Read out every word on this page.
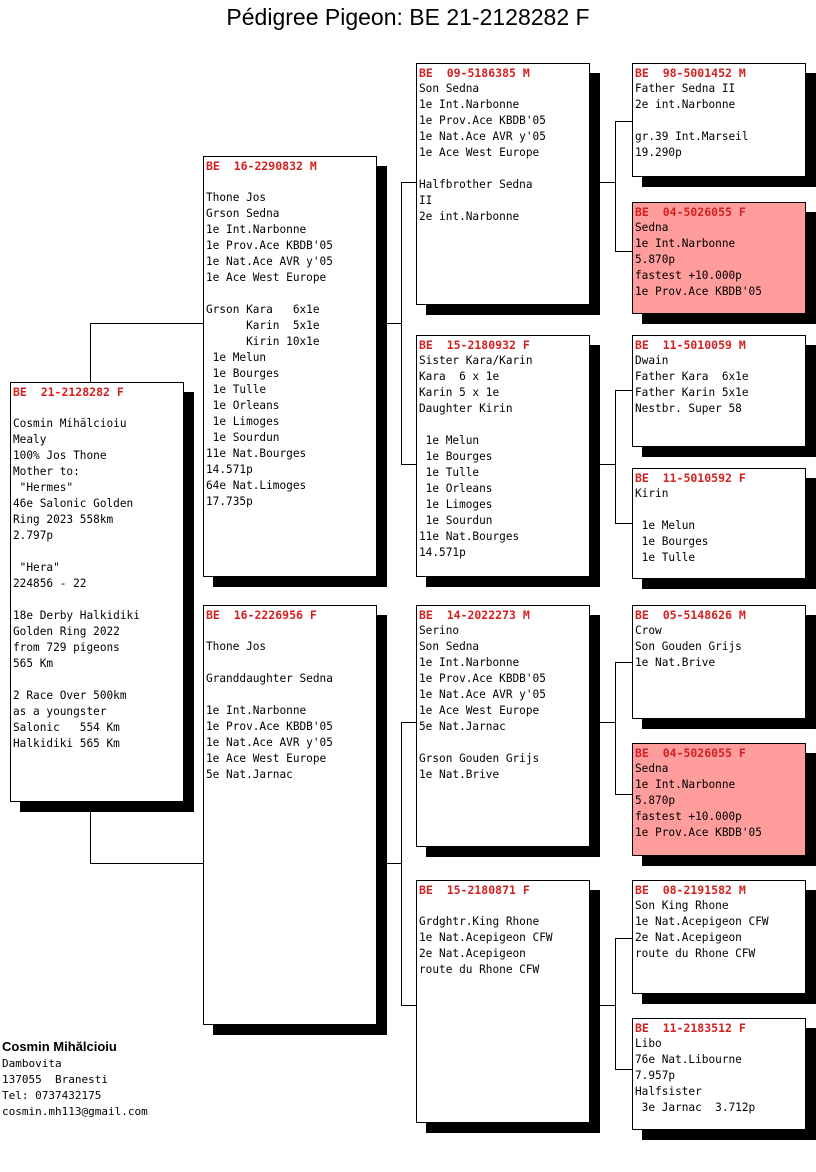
Pédigree Pigeon: BE 21-2128282 F
BE  21-2128282 F

Cosmin Mihălcioiu
Mealy
100% Jos Thone
Mother to:
"Hermes"
46e Salonic Golden
Ring 2023 558km
2.797p

"Hera"
224856 - 22

18e Derby Halkidiki
Golden Ring 2022
from 729 pigeons
565 Km

2 Race Over 500km
as a youngster
Salonic   554 Km
Halkidiki 565 Km
BE  16-2290832 M

Thone Jos
Grson Sedna
1e Int.Narbonne
1e Prov.Ace KBDB'05
1e Nat.Ace AVR y'05
1e Ace West Europe

Grson Kara   6x1e
Karin  5x1e
Kirin 10x1e
1e Melun
1e Bourges
1e Tulle
1e Orleans
1e Limoges
1e Sourdun
11e Nat.Bourges
14.571p
64e Nat.Limoges
17.735p
BE  16-2226956 F

Thone Jos

Granddaughter Sedna

1e Int.Narbonne
1e Prov.Ace KBDB'05
1e Nat.Ace AVR y'05
1e Ace West Europe
5e Nat.Jarnac
BE  09-5186385 M
Son Sedna
1e Int.Narbonne
1e Prov.Ace KBDB'05
1e Nat.Ace AVR y'05
1e Ace West Europe

Halfbrother Sedna
II
2e int.Narbonne
BE  15-2180932 F
Sister Kara/Karin
Kara  6 x 1e
Karin 5 x 1e
Daughter Kirin

1e Melun
1e Bourges
1e Tulle
1e Orleans
1e Limoges
1e Sourdun
11e Nat.Bourges
14.571p
BE  14-2022273 M
Serino
Son Sedna
1e Int.Narbonne
1e Prov.Ace KBDB'05
1e Nat.Ace AVR y'05
1e Ace West Europe
5e Nat.Jarnac

Grson Gouden Grijs
1e Nat.Brive
BE  15-2180871 F

Grdghtr.King Rhone
1e Nat.Acepigeon CFW
2e Nat.Acepigeon
route du Rhone CFW
BE  98-5001452 M
Father Sedna II
2e int.Narbonne

gr.39 Int.Marseil
19.290p
BE  04-5026055 F
Sedna
1e Int.Narbonne
5.870p
fastest +10.000p
1e Prov.Ace KBDB'05
BE  11-5010059 M
Dwain
Father Kara  6x1e
Father Karin 5x1e
Nestbr. Super 58
BE  11-5010592 F
Kirin

1e Melun
1e Bourges
1e Tulle
BE  05-5148626 M
Crow
Son Gouden Grijs
1e Nat.Brive
BE  04-5026055 F
Sedna
1e Int.Narbonne
5.870p
fastest +10.000p
1e Prov.Ace KBDB'05
BE  08-2191582 M
Son King Rhone
1e Nat.Acepigeon CFW
2e Nat.Acepigeon
route du Rhone CFW
BE  11-2183512 F
Libo
76e Nat.Libourne
7.957p
Halfsister
3e Jarnac  3.712p
Cosmin Mihălcioiu
Dambovita
137055  Branesti
Tel: 0737432175
cosmin.mh113@gmail.com
